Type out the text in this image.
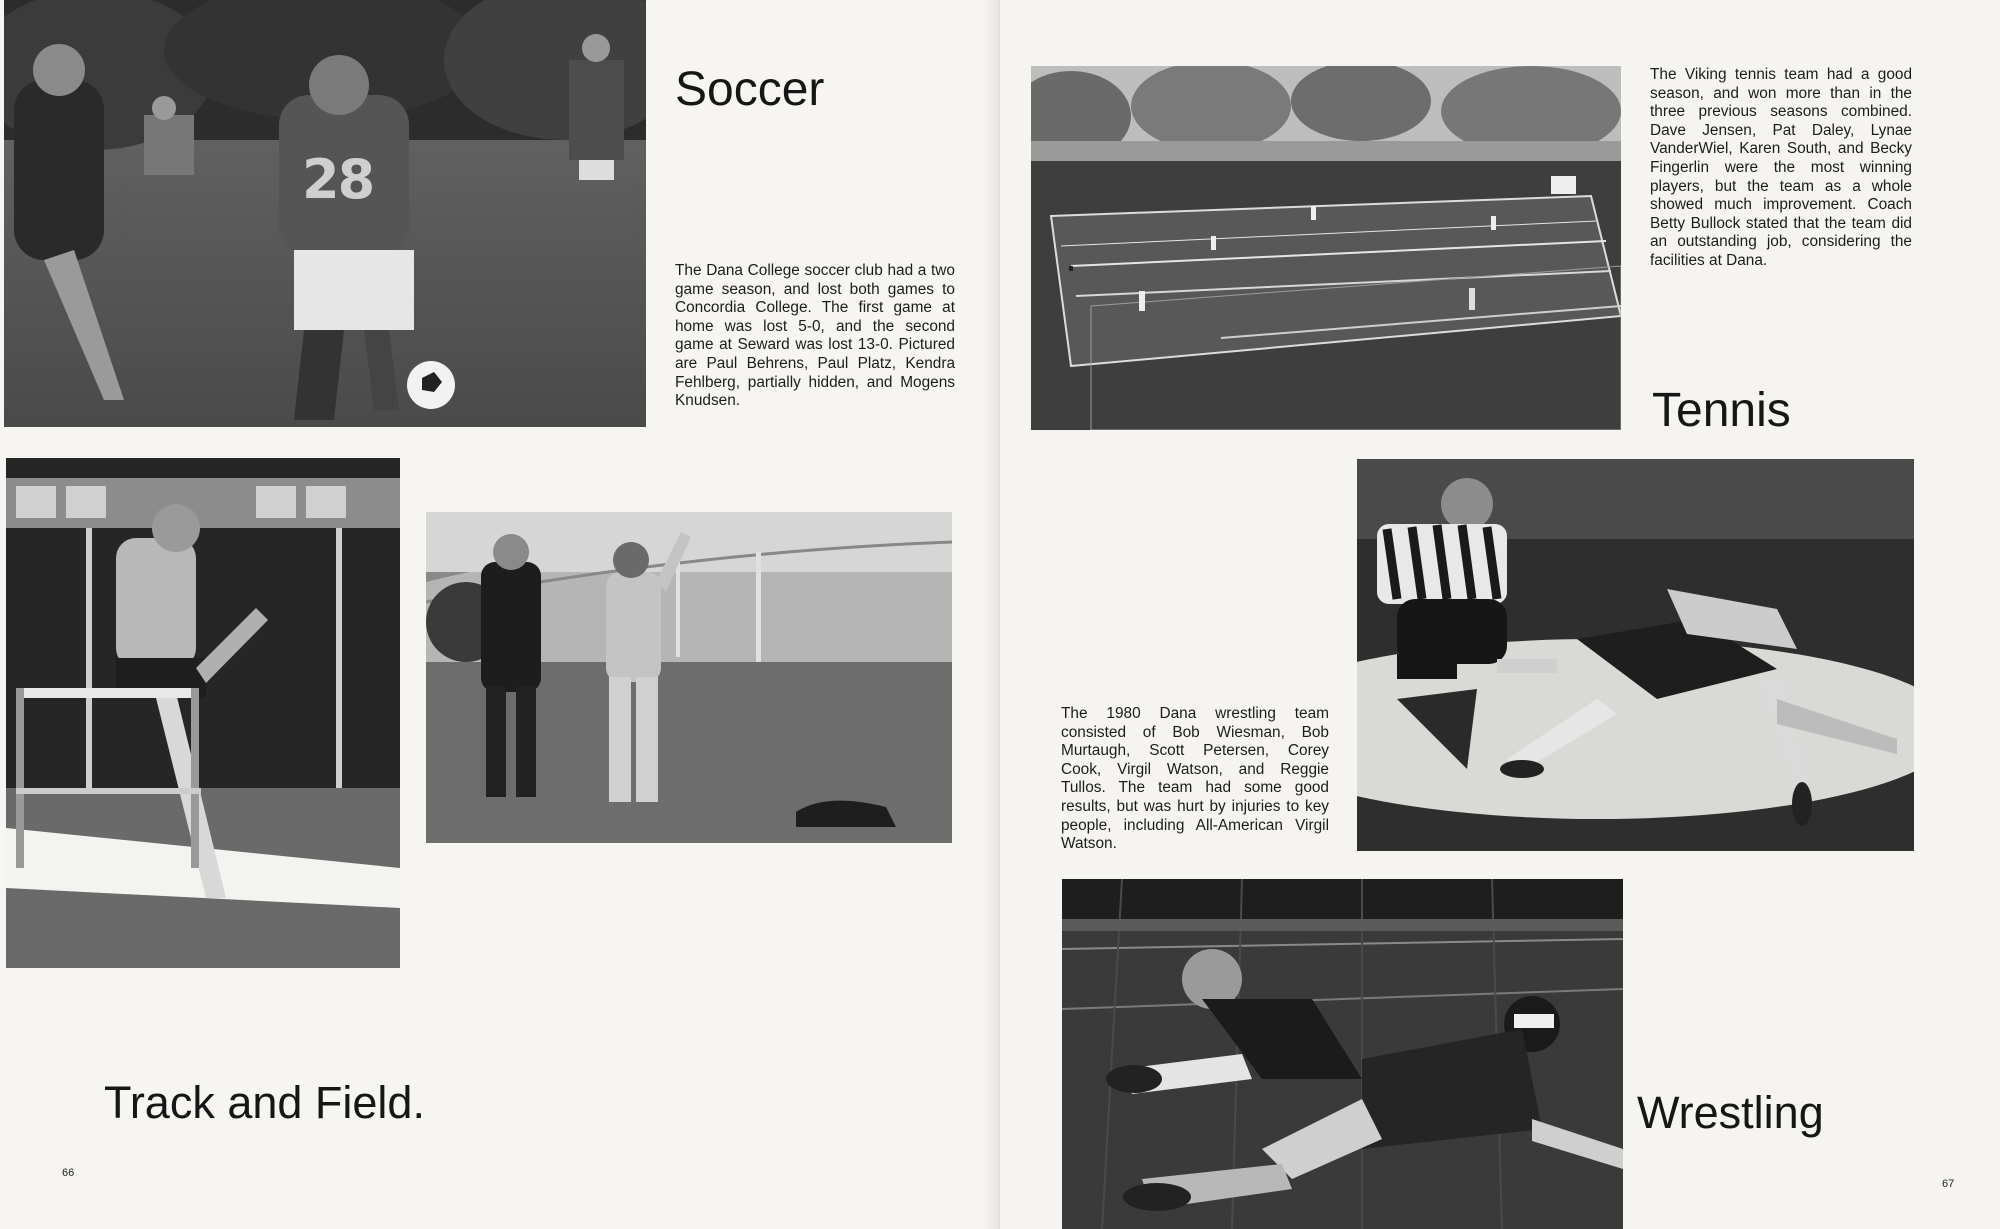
28
Soccer

The Dana College soccer club had a two game season, and lost both games to Concordia College. The first game at home was lost 5-0, and the second game at Seward was lost 13-0. Pictured are Paul Behrens, Paul Platz, Kendra Fehlberg, partially hidden, and Mogens Knudsen.

Track and Field.
66

The Viking tennis team had a good season, and won more than in the three previous seasons combined. Dave Jensen, Pat Daley, Lynae VanderWiel, Karen South, and Becky Fingerlin were the most winning players, but the team as a whole showed much improvement. Coach Betty Bullock stated that the team did an outstanding job, considering the facilities at Dana.

Tennis

The 1980 Dana wrestling team consisted of Bob Wiesman, Bob Murtaugh, Scott Petersen, Corey Cook, Virgil Watson, and Reggie Tullos. The team had some good results, but was hurt by injuries to key people, including All-American Virgil Watson.

Wrestling
67
